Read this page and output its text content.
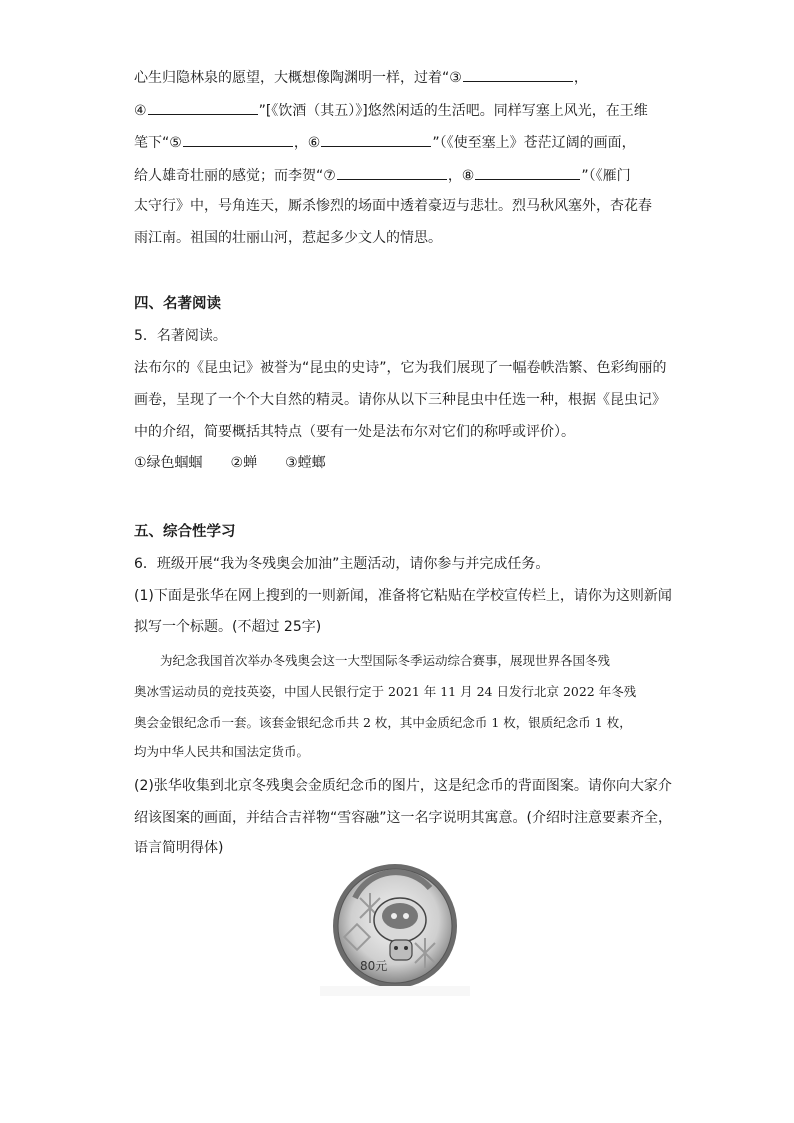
心生归隐林泉的愿望，大概想像陶渊明一样，过着“③	，
④	”[《饮酒（其五）》]悠然闲适的生活吧。同样写塞上风光，在王维
笔下“⑤	，⑥	”（《使至塞上》苍茫辽阔的画面，
给人雄奇壮丽的感觉；而李贺“⑦	，⑧	”（《雁门
太守行》中，号角连天，厮杀惨烈的场面中透着豪迈与悲壮。烈马秋风塞外，杏花春
雨江南。祖国的壮丽山河，惹起多少文人的情思。
四、名著阅读
5．名著阅读。
法布尔的《昆虫记》被誉为“昆虫的史诗”，它为我们展现了一幅卷帙浩繁、色彩绚丽的
画卷，呈现了一个个大自然的精灵。请你从以下三种昆虫中任选一种，根据《昆虫记》
中的介绍，简要概括其特点（要有一处是法布尔对它们的称呼或评价）。
①绿色蝈蝈　　②蝉　　③螳螂
五、综合性学习
6．班级开展“我为冬残奥会加油”主题活动，请你参与并完成任务。
(1)下面是张华在网上搜到的一则新闻，准备将它粘贴在学校宣传栏上，请你为这则新闻
拟写一个标题。(不超过 25字)
为纪念我国首次举办冬残奥会这一大型国际冬季运动综合赛事，展现世界各国冬残
奥冰雪运动员的竞技英姿，中国人民银行定于 2021 年 11 月 24 日发行北京 2022 年冬残
奥会金银纪念币一套。该套金银纪念币共 2 枚，其中金质纪念币 1 枚，银质纪念币 1 枚，
均为中华人民共和国法定货币。
(2)张华收集到北京冬残奥会金质纪念币的图片，这是纪念币的背面图案。请你向大家介
绍该图案的画面，并结合吉祥物“雪容融”这一名字说明其寓意。(介绍时注意要素齐全，
语言简明得体)
80元
